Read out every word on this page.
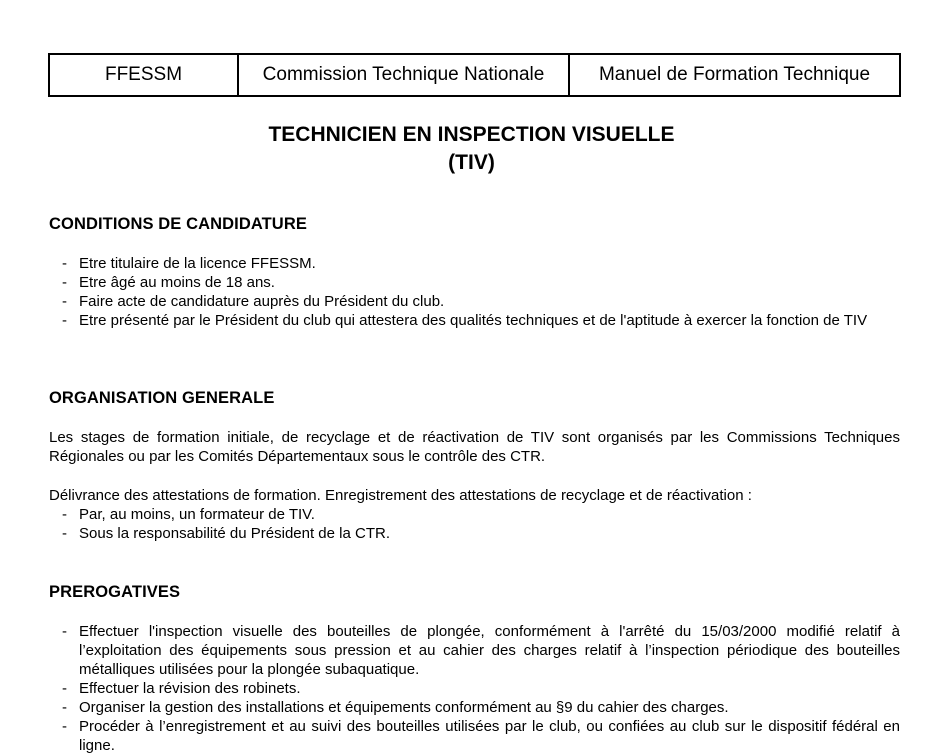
FFESSM	Commission Technique Nationale	Manuel de Formation Technique
TECHNICIEN EN INSPECTION VISUELLE
(TIV)
CONDITIONS DE CANDIDATURE
- Etre titulaire de la licence FFESSM.
- Etre âgé au moins de 18 ans.
- Faire acte de candidature auprès du Président du club.
- Etre présenté par le Président du club qui attestera des qualités techniques et de l'aptitude à exercer la fonction de TIV
ORGANISATION GENERALE

Les stages de formation initiale, de recyclage et de réactivation de TIV sont organisés par les Commissions Techniques Régionales ou par les Comités Départementaux sous le contrôle des CTR.

Délivrance des attestations de formation. Enregistrement des attestations de recyclage et de réactivation :

- Par, au moins, un formateur de TIV.
- Sous la responsabilité du Président de la CTR.
PREROGATIVES
- Effectuer l'inspection visuelle des bouteilles de plongée, conformément à l'arrêté du 15/03/2000 modifié relatif à l’exploitation des équipements sous pression et au cahier des charges relatif à l’inspection périodique des bouteilles métalliques utilisées pour la plongée subaquatique.
- Effectuer la révision des robinets.
- Organiser la gestion des installations et équipements conformément au §9 du cahier des charges.
- Procéder à l’enregistrement et au suivi des bouteilles utilisées par le club, ou confiées au club sur le dispositif fédéral en ligne.
